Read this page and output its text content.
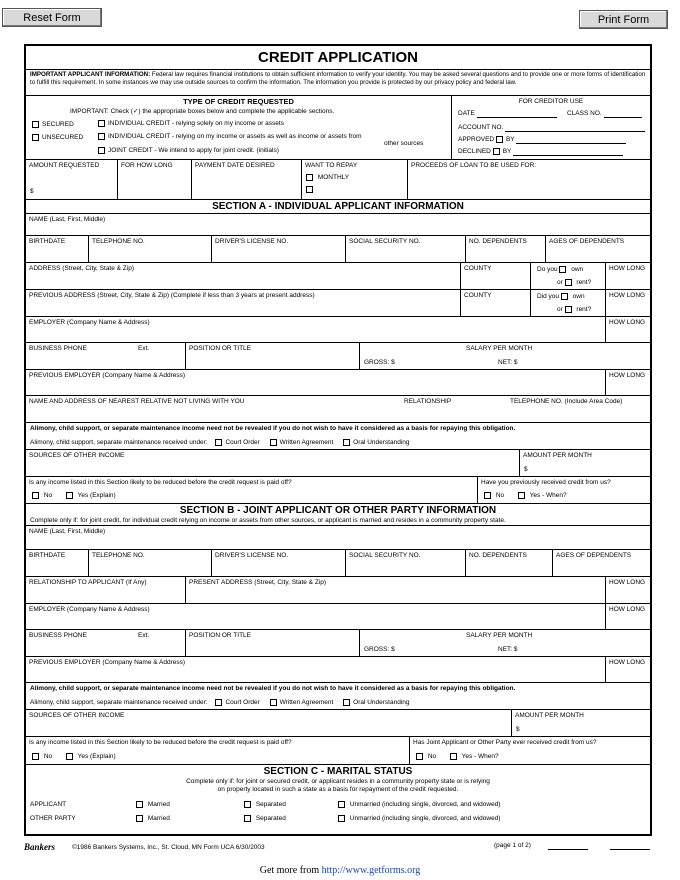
Reset Form	Print Form
CREDIT APPLICATION
IMPORTANT APPLICANT INFORMATION: Federal law requires financial institutions to obtain sufficient information to verify your identity. You may be asked several questions and to provide one or more forms of identification to fulfill this requirement. In some instances we may use outside sources to confirm the information. The information you provide is protected by our privacy policy and federal law.
TYPE OF CREDIT REQUESTED
IMPORTANT: Check (✓) the appropriate boxes below and complete the applicable sections.
SECURED
UNSECURED
INDIVIDUAL CREDIT - relying solely on my income or assets
INDIVIDUAL CREDIT - relying on my income or assets as well as income or assets from
other sources
JOINT CREDIT - We intend to apply for joint credit. (initials)
FOR CREDITOR USE
DATE	CLASS NO.
ACCOUNT NO.
APPROVED BY
DECLINED BY
AMOUNT REQUESTED
$
FOR HOW LONG	PAYMENT DATE DESIRED	WANT TO REPAY
MONTHLY
PROCEEDS OF LOAN TO BE USED FOR:
SECTION A - INDIVIDUAL APPLICANT INFORMATION
NAME (Last, First, Middle)
BIRTHDATE	TELEPHONE NO.	DRIVER'S LICENSE NO.	SOCIAL SECURITY NO.	NO. DEPENDENTS	AGES OF DEPENDENTS
ADDRESS (Street, City, State & Zip)	COUNTY	Do you own
or rent?
HOW LONG
PREVIOUS ADDRESS (Street, City, State & Zip) (Complete if less than 3 years at present address)	COUNTY	Did you own
or rent?
HOW LONG
EMPLOYER (Company Name & Address)	HOW LONG
BUSINESS PHONE	Ext.	POSITION OR TITLE	SALARY PER MONTH
GROSS: $	NET: $
PREVIOUS EMPLOYER (Company Name & Address)	HOW LONG
NAME AND ADDRESS OF NEAREST RELATIVE NOT LIVING WITH YOU	RELATIONSHIP	TELEPHONE NO. (Include Area Code)
Alimony, child support, or separate maintenance income need not be revealed if you do not wish to have it considered as a basis for repaying this obligation.
Alimony, child support, separate maintenance received under:	Court Order	Written Agreement	Oral Understanding
SOURCES OF OTHER INCOME	AMOUNT PER MONTH
$
Is any income listed in this Section likely to be reduced before the credit request is paid off?
No	Yes (Explain)
Have you previously received credit from us?
No	Yes - When?
SECTION B - JOINT APPLICANT OR OTHER PARTY INFORMATION
Complete only if: for joint credit, for individual credit relying on income or assets from other sources, or applicant is married and resides in a community property state.
NAME (Last, First, Middle)
BIRTHDATE	TELEPHONE NO.	DRIVER'S LICENSE NO.	SOCIAL SECURITY NO.	NO. DEPENDENTS	AGES OF DEPENDENTS
RELATIONSHIP TO APPLICANT (If Any)	PRESENT ADDRESS (Street, City, State & Zip)	HOW LONG
EMPLOYER (Company Name & Address)	HOW LONG
BUSINESS PHONE	Ext.	POSITION OR TITLE	SALARY PER MONTH
GROSS: $	NET: $
PREVIOUS EMPLOYER (Company Name & Address)	HOW LONG
Alimony, child support, or separate maintenance income need not be revealed if you do not wish to have it considered as a basis for repaying this obligation.
Alimony, child support, separate maintenance received under:	Court Order	Written Agreement	Oral Understanding
SOURCES OF OTHER INCOME	AMOUNT PER MONTH
$
Is any income listed in this Section likely to be reduced before the credit request is paid off?
No	Yes (Explain)
Has Joint Applicant or Other Party ever received credit from us?
No	Yes - When?
SECTION C - MARITAL STATUS
Complete only if: for joint or secured credit, or applicant resides in a community property state or is relying
on property located in such a state as a basis for repayment of the credit requested.
APPLICANT	Married	Separated	Unmarried (including single, divorced, and widowed)
OTHER PARTY	Married	Separated	Unmarried (including single, divorced, and widowed)
Bankers	©1986 Bankers Systems, Inc., St. Cloud, MN Form UCA 6/30/2003	(page 1 of 2)
Get more from http://www.getforms.org
